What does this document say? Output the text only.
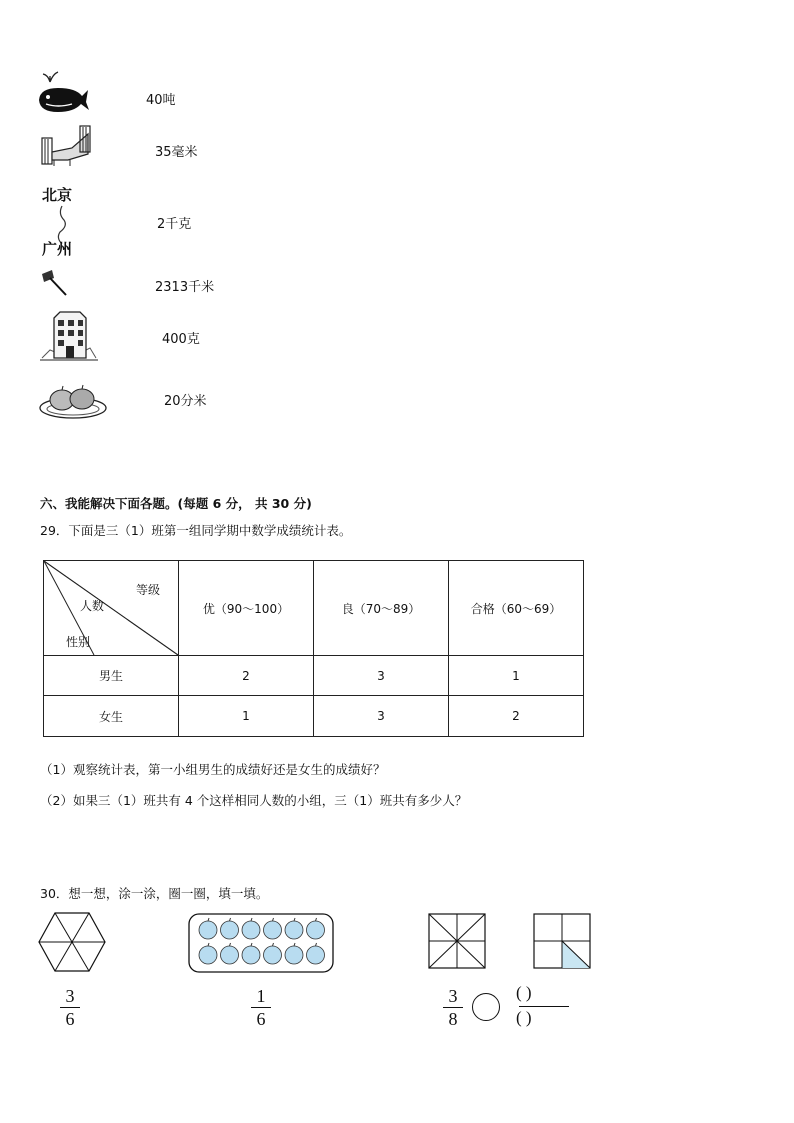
40吨
35毫米
北京
广州
2千克
2313千米
400克
20分米
六、我能解决下面各题。(每题 6 分， 共 30 分)
29．下面是三（1）班第一组同学期中数学成绩统计表。
等级
人数
性别	优（90～100）	良（70～89）	合格（60～69）
男生	2	3	1
女生	1	3	2
（1）观察统计表，第一小组男生的成绩好还是女生的成绩好？
（2）如果三（1）班共有 4 个这样相同人数的小组，三（1）班共有多少人？
30．想一想，涂一涂，圈一圈，填一填。
3
6
1
6
3
8
( )
( )
